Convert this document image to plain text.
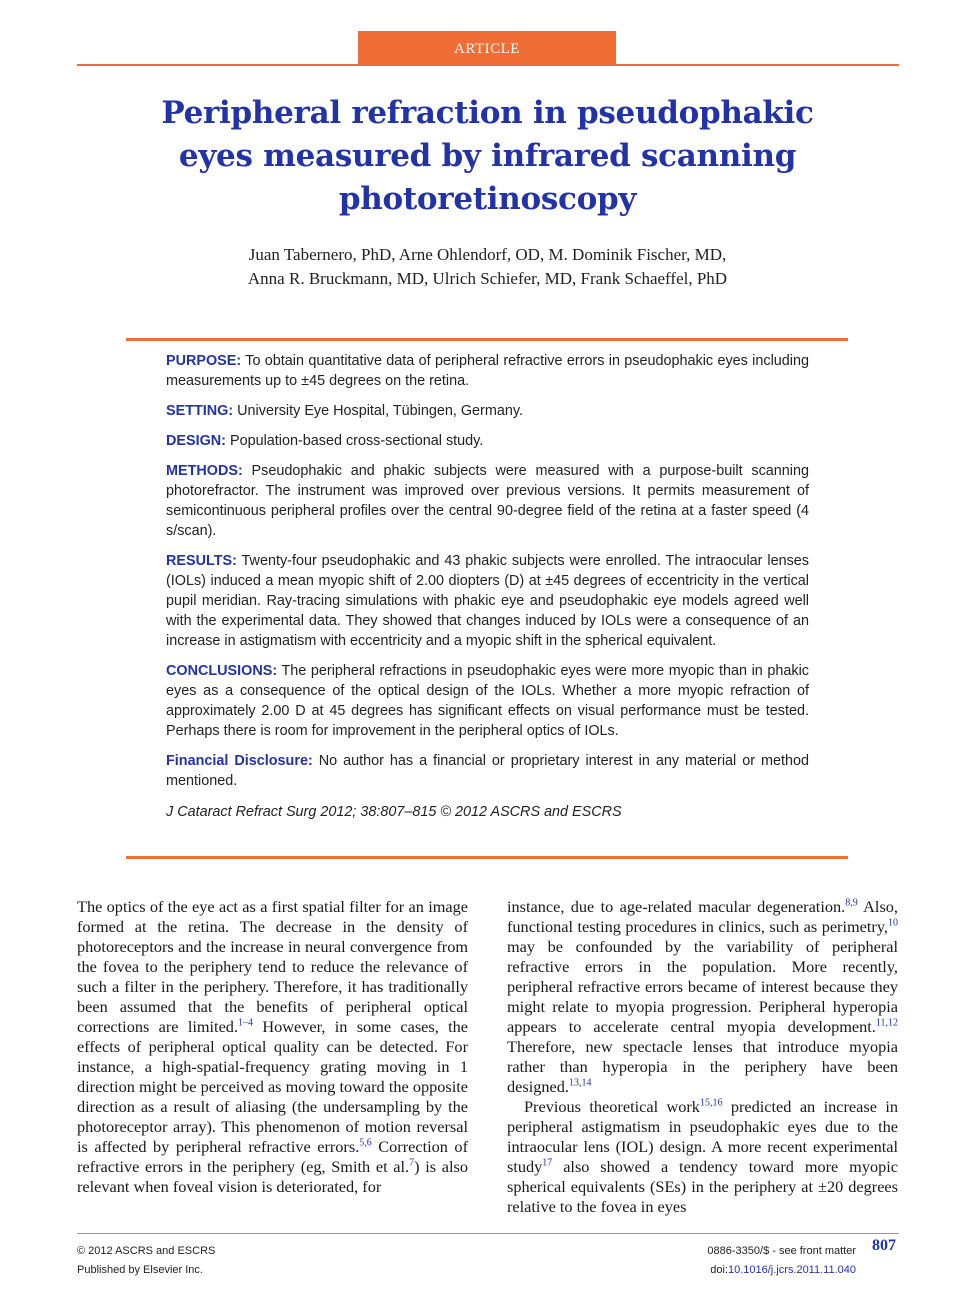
ARTICLE
Peripheral refraction in pseudophakic eyes measured by infrared scanning photoretinoscopy
Juan Tabernero, PhD, Arne Ohlendorf, OD, M. Dominik Fischer, MD,
Anna R. Bruckmann, MD, Ulrich Schiefer, MD, Frank Schaeffel, PhD

PURPOSE: To obtain quantitative data of peripheral refractive errors in pseudophakic eyes including measurements up to ±45 degrees on the retina.

SETTING: University Eye Hospital, Tübingen, Germany.

DESIGN: Population-based cross-sectional study.

METHODS: Pseudophakic and phakic subjects were measured with a purpose-built scanning photorefractor. The instrument was improved over previous versions. It permits measurement of semicontinuous peripheral profiles over the central 90-degree field of the retina at a faster speed (4 s/scan).

RESULTS: Twenty-four pseudophakic and 43 phakic subjects were enrolled. The intraocular lenses (IOLs) induced a mean myopic shift of 2.00 diopters (D) at ±45 degrees of eccentricity in the vertical pupil meridian. Ray-tracing simulations with phakic eye and pseudophakic eye models agreed well with the experimental data. They showed that changes induced by IOLs were a consequence of an increase in astigmatism with eccentricity and a myopic shift in the spherical equivalent.

CONCLUSIONS: The peripheral refractions in pseudophakic eyes were more myopic than in phakic eyes as a consequence of the optical design of the IOLs. Whether a more myopic refraction of approximately 2.00 D at 45 degrees has significant effects on visual performance must be tested. Perhaps there is room for improvement in the peripheral optics of IOLs.

Financial Disclosure: No author has a financial or proprietary interest in any material or method mentioned.

J Cataract Refract Surg 2012; 38:807–815 © 2012 ASCRS and ESCRS

The optics of the eye act as a first spatial filter for an image formed at the retina. The decrease in the density of photoreceptors and the increase in neural convergence from the fovea to the periphery tend to reduce the relevance of such a filter in the periphery. Therefore, it has traditionally been assumed that the benefits of peripheral optical corrections are limited.$^{1-4}$ However, in some cases, the effects of peripheral optical quality can be detected. For instance, a high-spatial-frequency grating moving in 1 direction might be perceived as moving toward the opposite direction as a result of aliasing (the undersampling by the photoreceptor array). This phenomenon of motion reversal is affected by peripheral refractive errors.$^{5,6}$ Correction of refractive errors in the periphery (eg, Smith et al.$^7$) is also relevant when foveal vision is deteriorated, for

instance, due to age-related macular degeneration.$^{8,9}$ Also, functional testing procedures in clinics, such as perimetry,$^{10}$ may be confounded by the variability of peripheral refractive errors in the population. More recently, peripheral refractive errors became of interest because they might relate to myopia progression. Peripheral hyperopia appears to accelerate central myopia development.$^{11,12}$ Therefore, new spectacle lenses that introduce myopia rather than hyperopia in the periphery have been designed.$^{13,14}$

Previous theoretical work$^{15,16}$ predicted an increase in peripheral astigmatism in pseudophakic eyes due to the intraocular lens (IOL) design. A more recent experimental study$^{17}$ also showed a tendency toward more myopic spherical equivalents (SEs) in the periphery at ±20 degrees relative to the fovea in eyes

© 2012 ASCRS and ESCRS
Published by Elsevier Inc.
0886-3350/$ - see front matter
doi:10.1016/j.jcrs.2011.11.040
807
